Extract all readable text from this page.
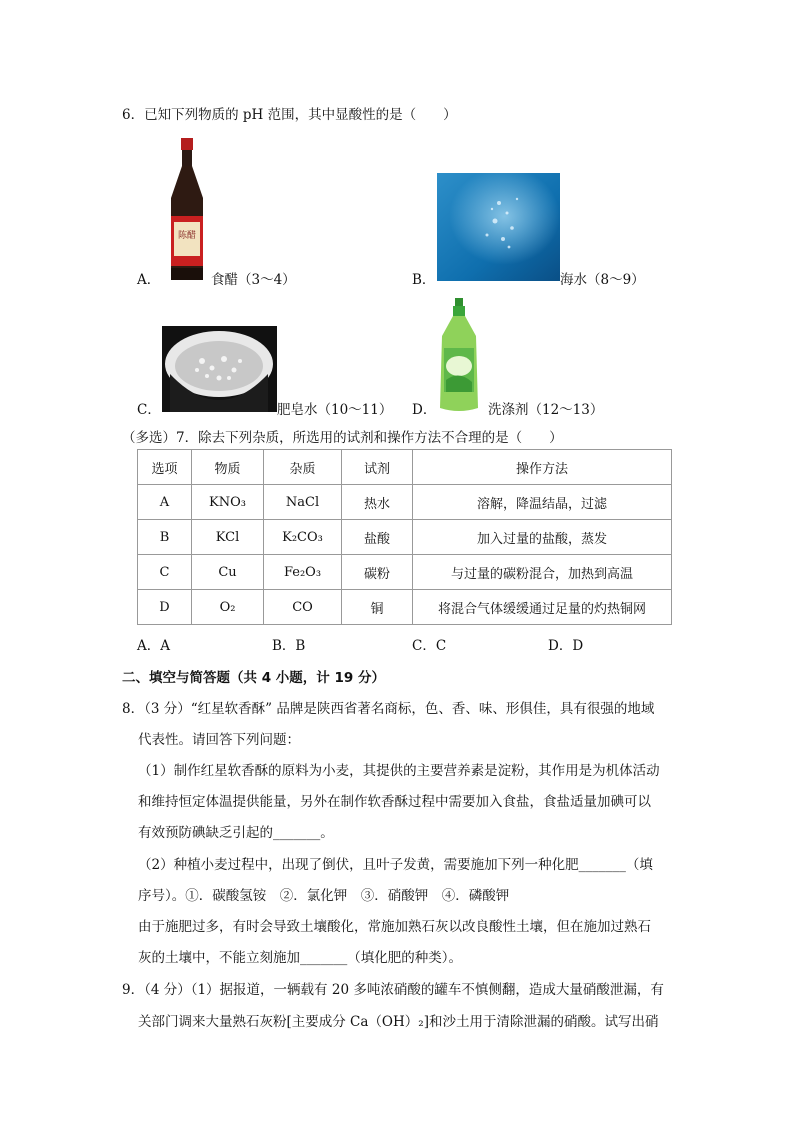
6．已知下列物质的 pH 范围，其中显酸性的是（　　）
陈醋
A．	食醋（3～4）	B．	海水（8～9）
C．	肥皂水（10～11） D．	洗涤剂（12～13）
（多选）7．除去下列杂质，所选用的试剂和操作方法不合理的是（　　）
选项	物质	杂质	试剂	操作方法
A	KNO₃	NaCl	热水	溶解，降温结晶，过滤
B	KCl	K₂CO₃	盐酸	加入过量的盐酸，蒸发
C	Cu	Fe₂O₃	碳粉	与过量的碳粉混合，加热到高温
D	O₂	CO	铜	将混合气体缓缓通过足量的灼热铜网
A．A	B．B	C．C	D．D
二、填空与简答题（共 4 小题，计 19 分）
8．（3 分）“红星软香酥” 品牌是陕西省著名商标，色、香、味、形俱佳，具有很强的地域
代表性。请回答下列问题：
（1）制作红星软香酥的原料为小麦，其提供的主要营养素是淀粉，其作用是为机体活动
和维持恒定体温提供能量，另外在制作软香酥过程中需要加入食盐，食盐适量加碘可以
有效预防碘缺乏引起的_______。
（2）种植小麦过程中，出现了倒伏，且叶子发黄，需要施加下列一种化肥_______（填
序号）。①．碳酸氢铵　②．氯化钾　③．硝酸钾　④．磷酸钾
由于施肥过多，有时会导致土壤酸化，常施加熟石灰以改良酸性土壤，但在施加过熟石
灰的土壤中，不能立刻施加_______（填化肥的种类）。
9．（4 分）（1）据报道，一辆载有 20 多吨浓硝酸的罐车不慎侧翻，造成大量硝酸泄漏，有
关部门调来大量熟石灰粉[主要成分 Ca（OH）₂]和沙土用于清除泄漏的硝酸。试写出硝
